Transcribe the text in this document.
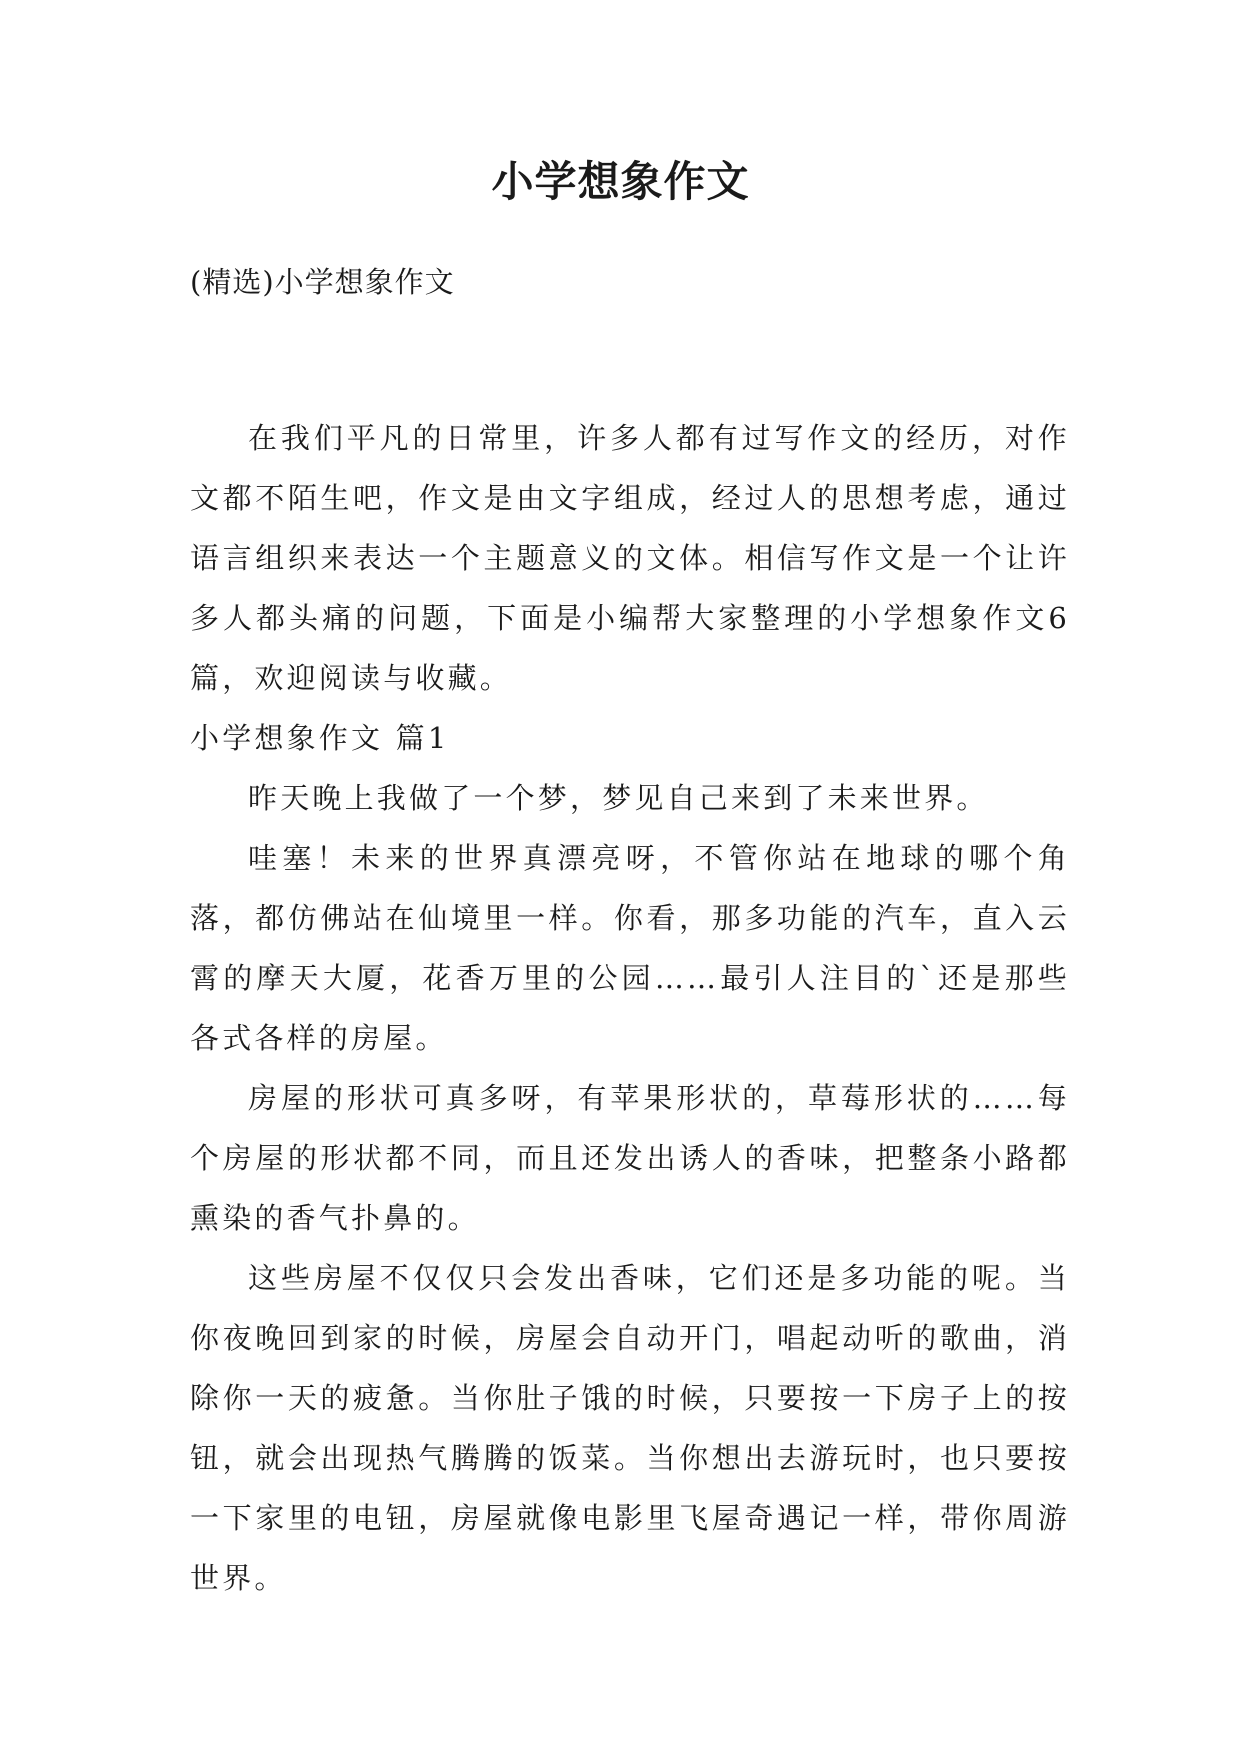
小学想象作文
(精选)小学想象作文

在我们平凡的日常里，许多人都有过写作文的经历，对作文都不陌生吧，作文是由文字组成，经过人的思想考虑，通过语言组织来表达一个主题意义的文体。相信写作文是一个让许多人都头痛的问题，下面是小编帮大家整理的小学想象作文6篇，欢迎阅读与收藏。

小学想象作文 篇1

昨天晚上我做了一个梦，梦见自己来到了未来世界。

哇塞！未来的世界真漂亮呀，不管你站在地球的哪个角落，都仿佛站在仙境里一样。你看，那多功能的汽车，直入云霄的摩天大厦，花香万里的公园……最引人注目的`还是那些各式各样的房屋。

房屋的形状可真多呀，有苹果形状的，草莓形状的……每个房屋的形状都不同，而且还发出诱人的香味，把整条小路都熏染的香气扑鼻的。

这些房屋不仅仅只会发出香味，它们还是多功能的呢。当你夜晚回到家的时候，房屋会自动开门，唱起动听的歌曲，消除你一天的疲惫。当你肚子饿的时候，只要按一下房子上的按钮，就会出现热气腾腾的饭菜。当你想出去游玩时，也只要按一下家里的电钮，房屋就像电影里飞屋奇遇记一样，带你周游世界。
